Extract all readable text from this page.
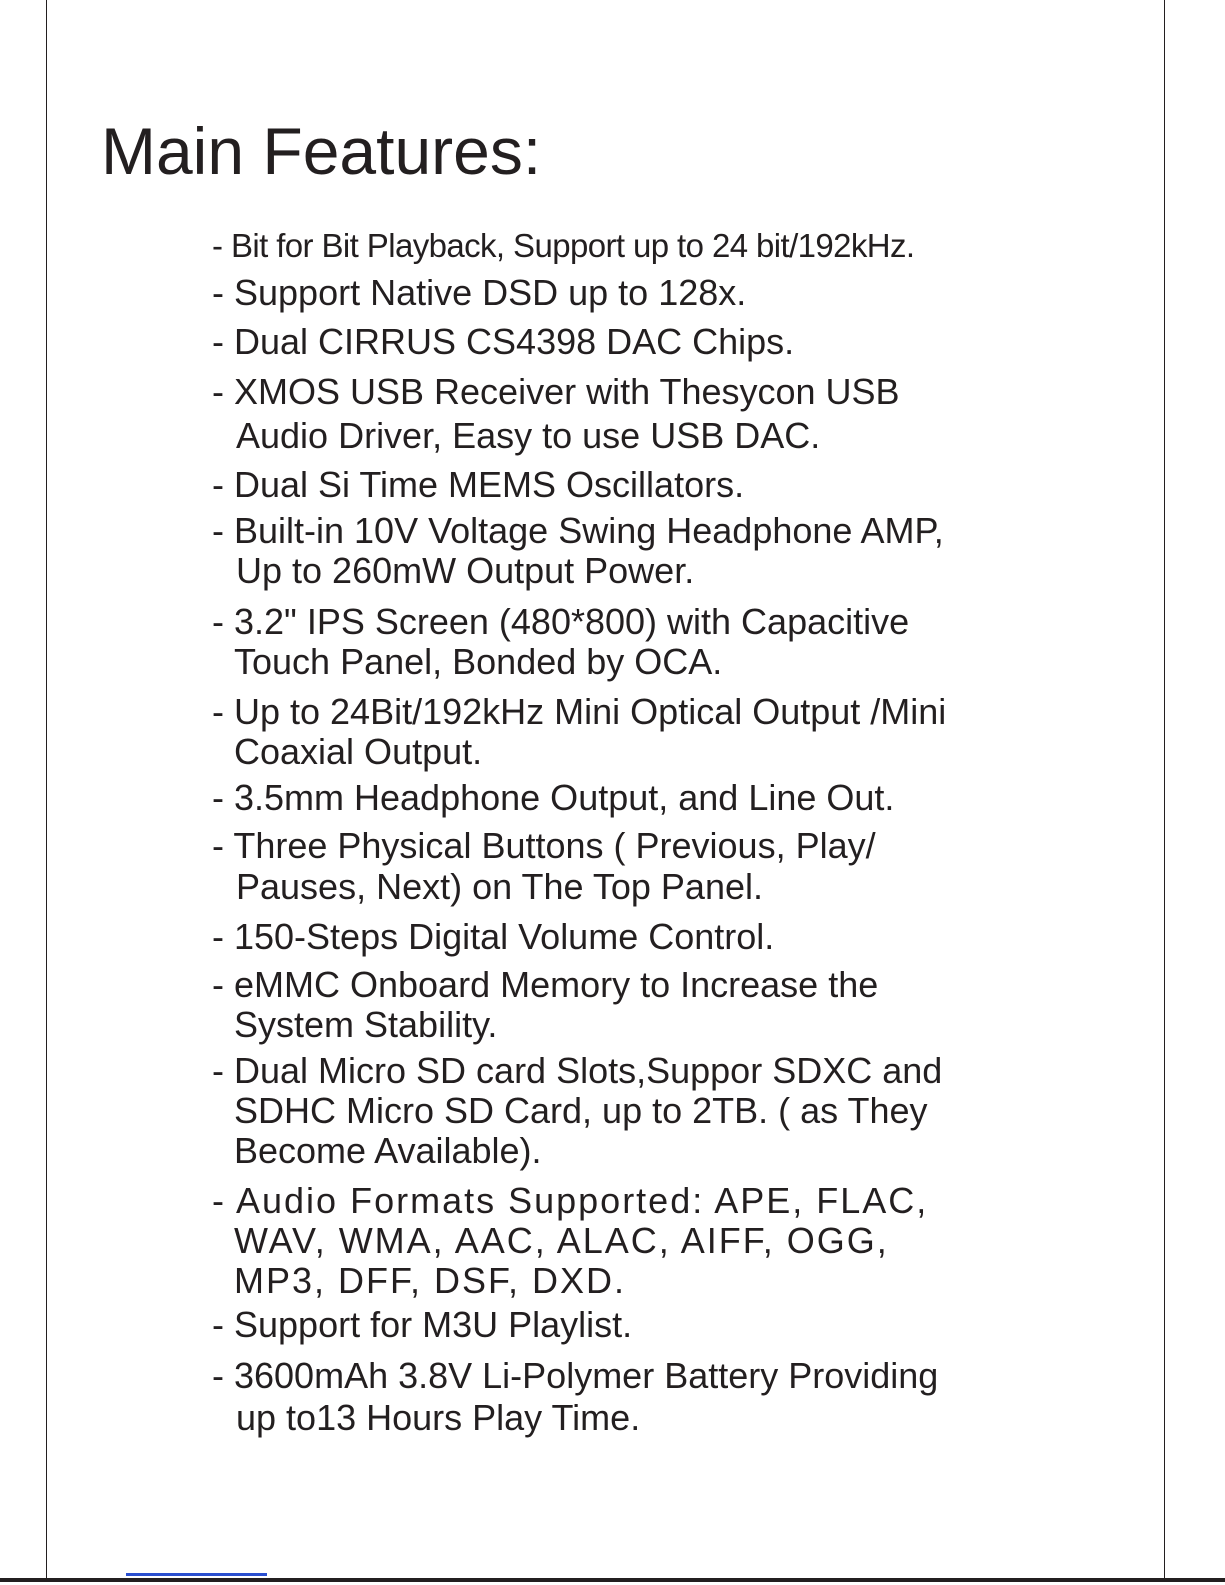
Main Features:
- Bit for Bit Playback, Support up to 24 bit/192kHz.
- Support Native DSD up to 128x.
- Dual CIRRUS CS4398 DAC Chips.
- XMOS USB Receiver with Thesycon USB
Audio Driver, Easy to use USB DAC.
- Dual Si Time MEMS Oscillators.
- Built-in 10V Voltage Swing Headphone AMP,
Up to 260mW Output Power.
- 3.2" IPS Screen (480*800) with Capacitive
Touch Panel, Bonded by OCA.
- Up to 24Bit/192kHz Mini Optical Output /Mini
Coaxial Output.
- 3.5mm Headphone Output, and Line Out.
- Three Physical Buttons ( Previous, Play/
Pauses, Next) on The Top Panel.
- 150-Steps Digital Volume Control.
- eMMC Onboard Memory to Increase the
System Stability.
- Dual Micro SD card Slots,Suppor SDXC and
SDHC Micro SD Card, up to 2TB. ( as They
Become Available).
- Audio Formats Supported: APE, FLAC,
WAV, WMA, AAC, ALAC, AIFF, OGG,
MP3, DFF, DSF, DXD.
- Support for M3U Playlist.
- 3600mAh 3.8V Li-Polymer Battery Providing
up to13 Hours Play Time.
